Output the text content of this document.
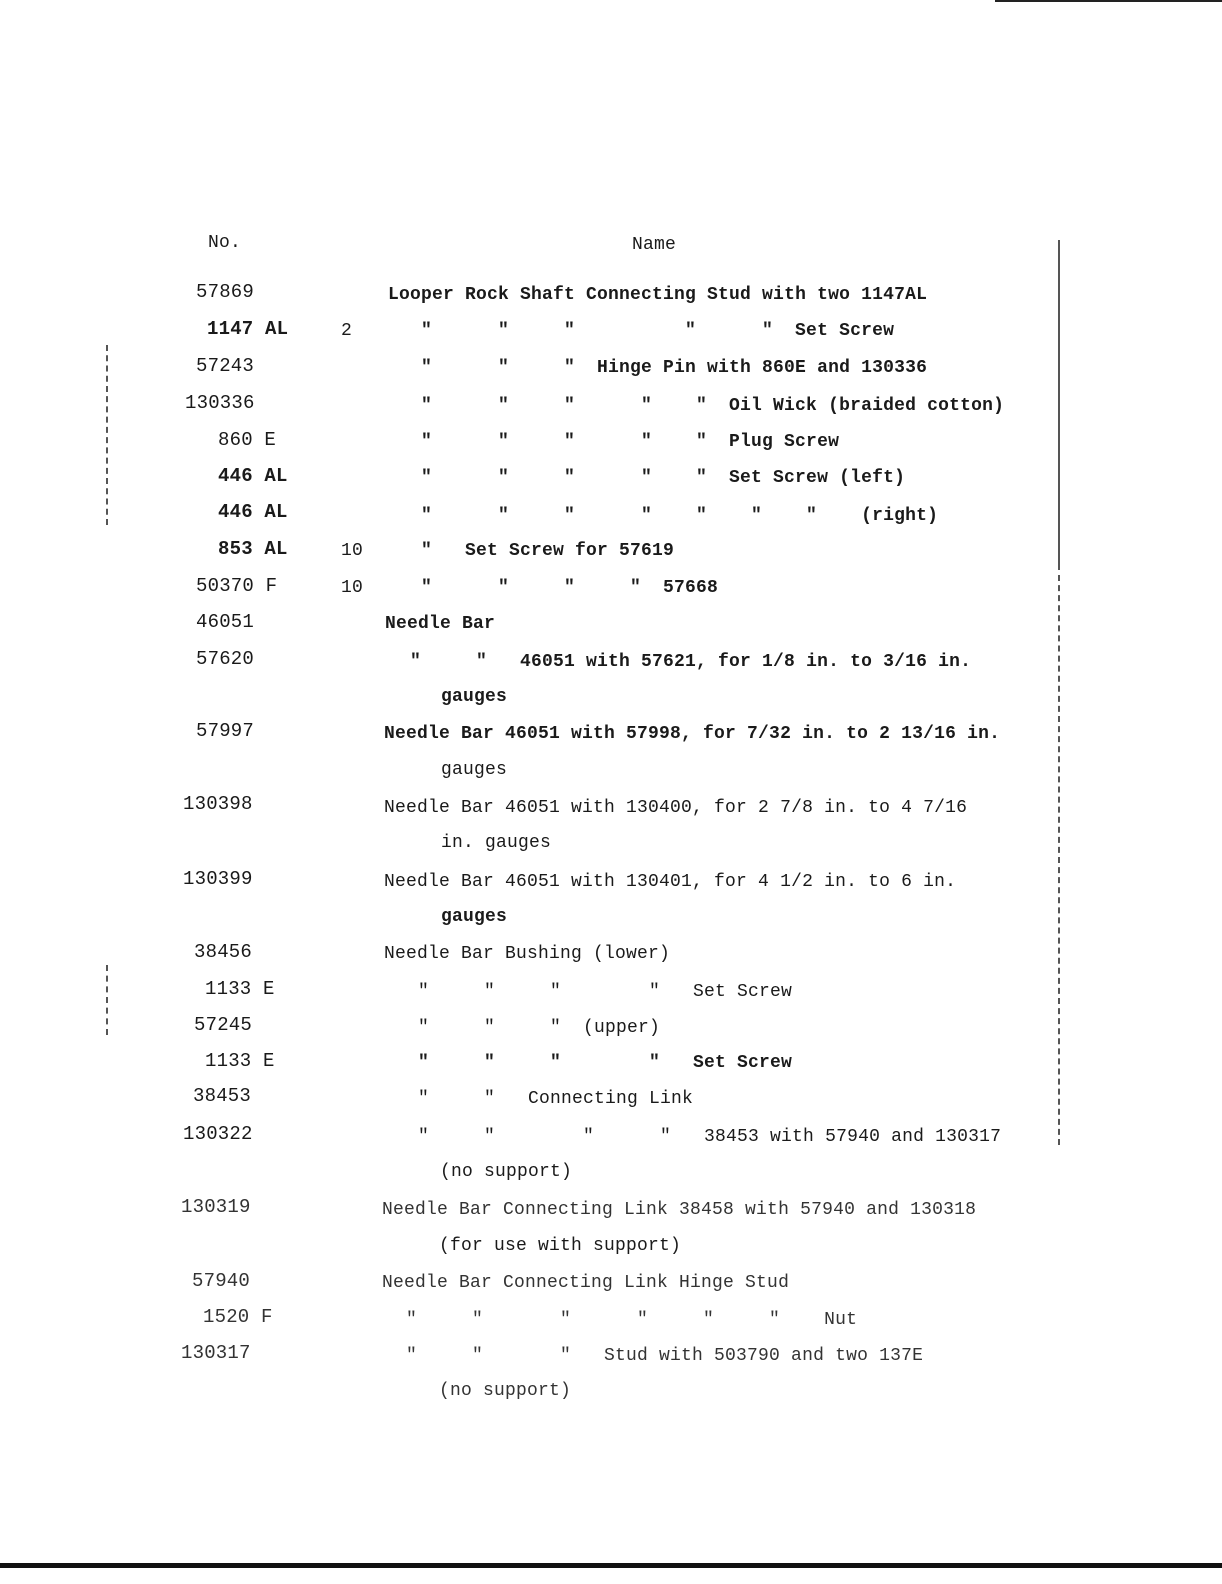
No.	Name
57869	Looper Rock Shaft Connecting Stud with two 1147AL
1147 AL	2	"      "     "          "      "  Set Screw
57243	"      "     "  Hinge Pin with 860E and 130336
130336	"      "     "      "    "  Oil Wick (braided cotton)
860 E	"      "     "      "    "  Plug Screw
446 AL	"      "     "      "    "  Set Screw (left)
446 AL	"      "     "      "    "    "    "    (right)
853 AL	10	"   Set Screw for 57619
50370 F	10	"      "     "     "  57668
46051	Needle Bar
57620	"     "   46051 with 57621, for 1/8 in. to 3/16 in.
gauges
57997	Needle Bar 46051 with 57998, for 7/32 in. to 2 13/16 in.
gauges
130398	Needle Bar 46051 with 130400, for 2 7/8 in. to 4 7/16
in. gauges
130399	Needle Bar 46051 with 130401, for 4 1/2 in. to 6 in.
gauges
38456	Needle Bar Bushing (lower)
1133 E	"     "     "        "   Set Screw
57245	"     "     "  (upper)
1133 E	"     "     "        "   Set Screw
38453	"     "   Connecting Link
130322	"     "        "      "   38453 with 57940 and 130317
(no support)
130319	Needle Bar Connecting Link 38458 with 57940 and 130318
(for use with support)
57940	Needle Bar Connecting Link Hinge Stud
1520 F	"     "       "      "     "     "    Nut
130317	"     "       "   Stud with 503790 and two 137E
(no support)
